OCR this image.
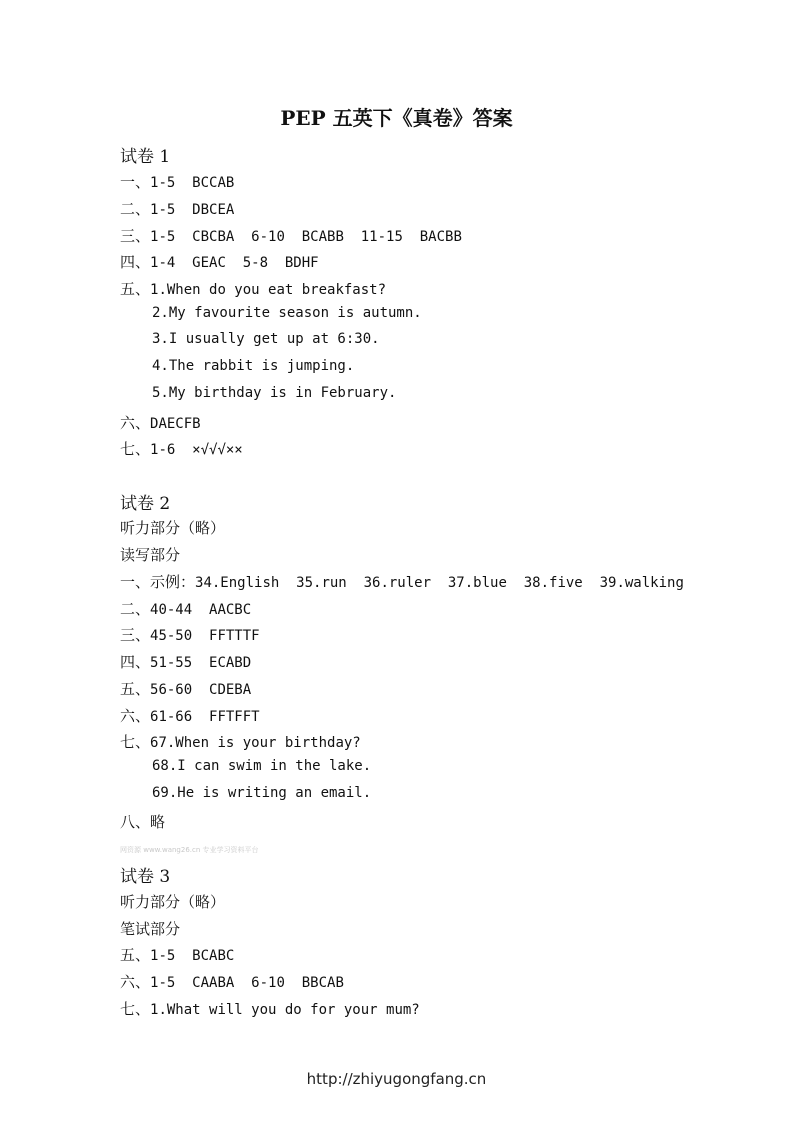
PEP 五英下《真卷》答案
试卷 1
一、1-5  BCCAB
二、1-5  DBCEA
三、1-5  CBCBA  6-10  BCABB  11-15  BACBB
四、1-4  GEAC  5-8  BDHF
五、1.When do you eat breakfast?
2.My favourite season is autumn.
3.I usually get up at 6:30.
4.The rabbit is jumping.
5.My birthday is in February.
六、DAECFB
七、1-6  ×√√√××
试卷 2
听力部分（略）
读写部分
一、示例：34.English  35.run  36.ruler  37.blue  38.five  39.walking
二、40-44  AACBC
三、45-50  FFTTTF
四、51-55  ECABD
五、56-60  CDEBA
六、61-66  FFTFFT
七、67.When is your birthday?
68.I can swim in the lake.
69.He is writing an email.
八、略
网资源 www.wang26.cn 专业学习资料平台
试卷 3
听力部分（略）
笔试部分
五、1-5  BCABC
六、1-5  CAABA  6-10  BBCAB
七、1.What will you do for your mum?
http://zhiyugongfang.cn
